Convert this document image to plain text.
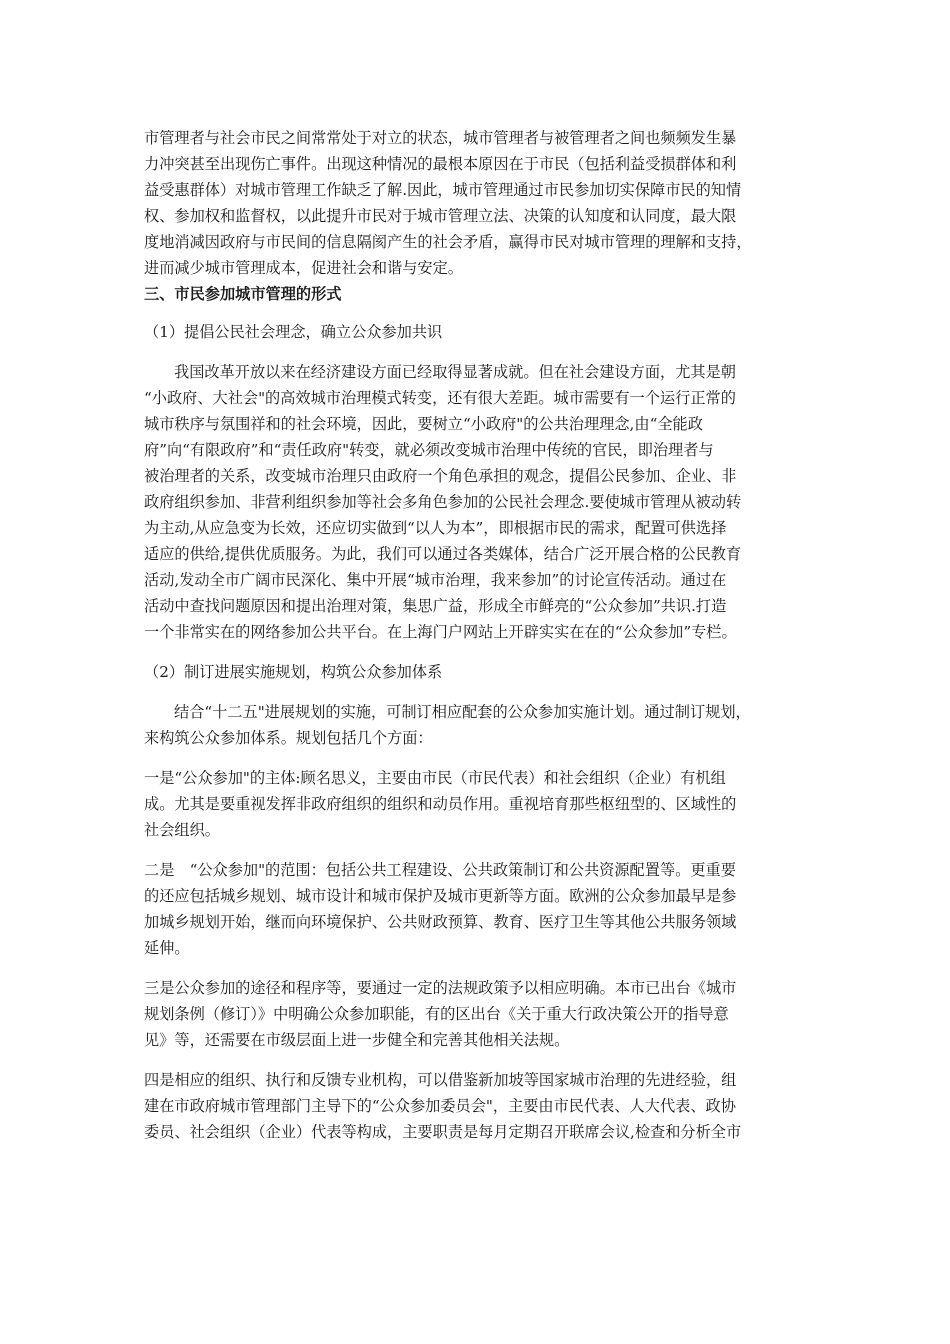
市管理者与社会市民之间常常处于对立的状态，城市管理者与被管理者之间也频频发生暴
力冲突甚至出现伤亡事件。出现这种情况的最根本原因在于市民（包括利益受损群体和利
益受惠群体）对城市管理工作缺乏了解.因此，城市管理通过市民参加切实保障市民的知情
权、参加权和监督权，以此提升市民对于城市管理立法、决策的认知度和认同度，最大限
度地消减因政府与市民间的信息隔阂产生的社会矛盾，赢得市民对城市管理的理解和支持，
进而减少城市管理成本，促进社会和谐与安定。
三、市民参加城市管理的形式
（1）提倡公民社会理念，确立公众参加共识
我国改革开放以来在经济建设方面已经取得显著成就。但在社会建设方面，尤其是朝
“小政府、大社会"的高效城市治理模式转变，还有很大差距。城市需要有一个运行正常的
城市秩序与氛围祥和的社会环境，因此，要树立“小政府"的公共治理理念,由“全能政
府”向“有限政府”和“责任政府"转变，就必须改变城市治理中传统的官民，即治理者与
被治理者的关系，改变城市治理只由政府一个角色承担的观念，提倡公民参加、企业、非
政府组织参加、非营利组织参加等社会多角色参加的公民社会理念.要使城市管理从被动转
为主动,从应急变为长效，还应切实做到“以人为本”，即根据市民的需求，配置可供选择
适应的供给,提供优质服务。为此，我们可以通过各类媒体，结合广泛开展合格的公民教育
活动,发动全市广阔市民深化、集中开展“城市治理，我来参加”的讨论宣传活动。通过在
活动中查找问题原因和提出治理对策，集思广益，形成全市鲜亮的“公众参加”共识.打造
一个非常实在的网络参加公共平台。在上海门户网站上开辟实实在在的“公众参加”专栏。
（2）制订进展实施规划，构筑公众参加体系
结合“十二五"进展规划的实施，可制订相应配套的公众参加实施计划。通过制订规划，
来构筑公众参加体系。规划包括几个方面：
一是“公众参加"的主体:顾名思义，主要由市民（市民代表）和社会组织（企业）有机组
成。尤其是要重视发挥非政府组织的组织和动员作用。重视培育那些枢纽型的、区域性的
社会组织。
二是　“公众参加"的范围：包括公共工程建设、公共政策制订和公共资源配置等。更重要
的还应包括城乡规划、城市设计和城市保护及城市更新等方面。欧洲的公众参加最早是参
加城乡规划开始，继而向环境保护、公共财政预算、教育、医疗卫生等其他公共服务领域
延伸。
三是公众参加的途径和程序等，要通过一定的法规政策予以相应明确。本市已出台《城市
规划条例（修订）》中明确公众参加职能，有的区出台《关于重大行政决策公开的指导意
见》等，还需要在市级层面上进一步健全和完善其他相关法规。
四是相应的组织、执行和反馈专业机构，可以借鉴新加坡等国家城市治理的先进经验，组
建在市政府城市管理部门主导下的“公众参加委员会"，主要由市民代表、人大代表、政协
委员、社会组织（企业）代表等构成，主要职责是每月定期召开联席会议,检查和分析全市
